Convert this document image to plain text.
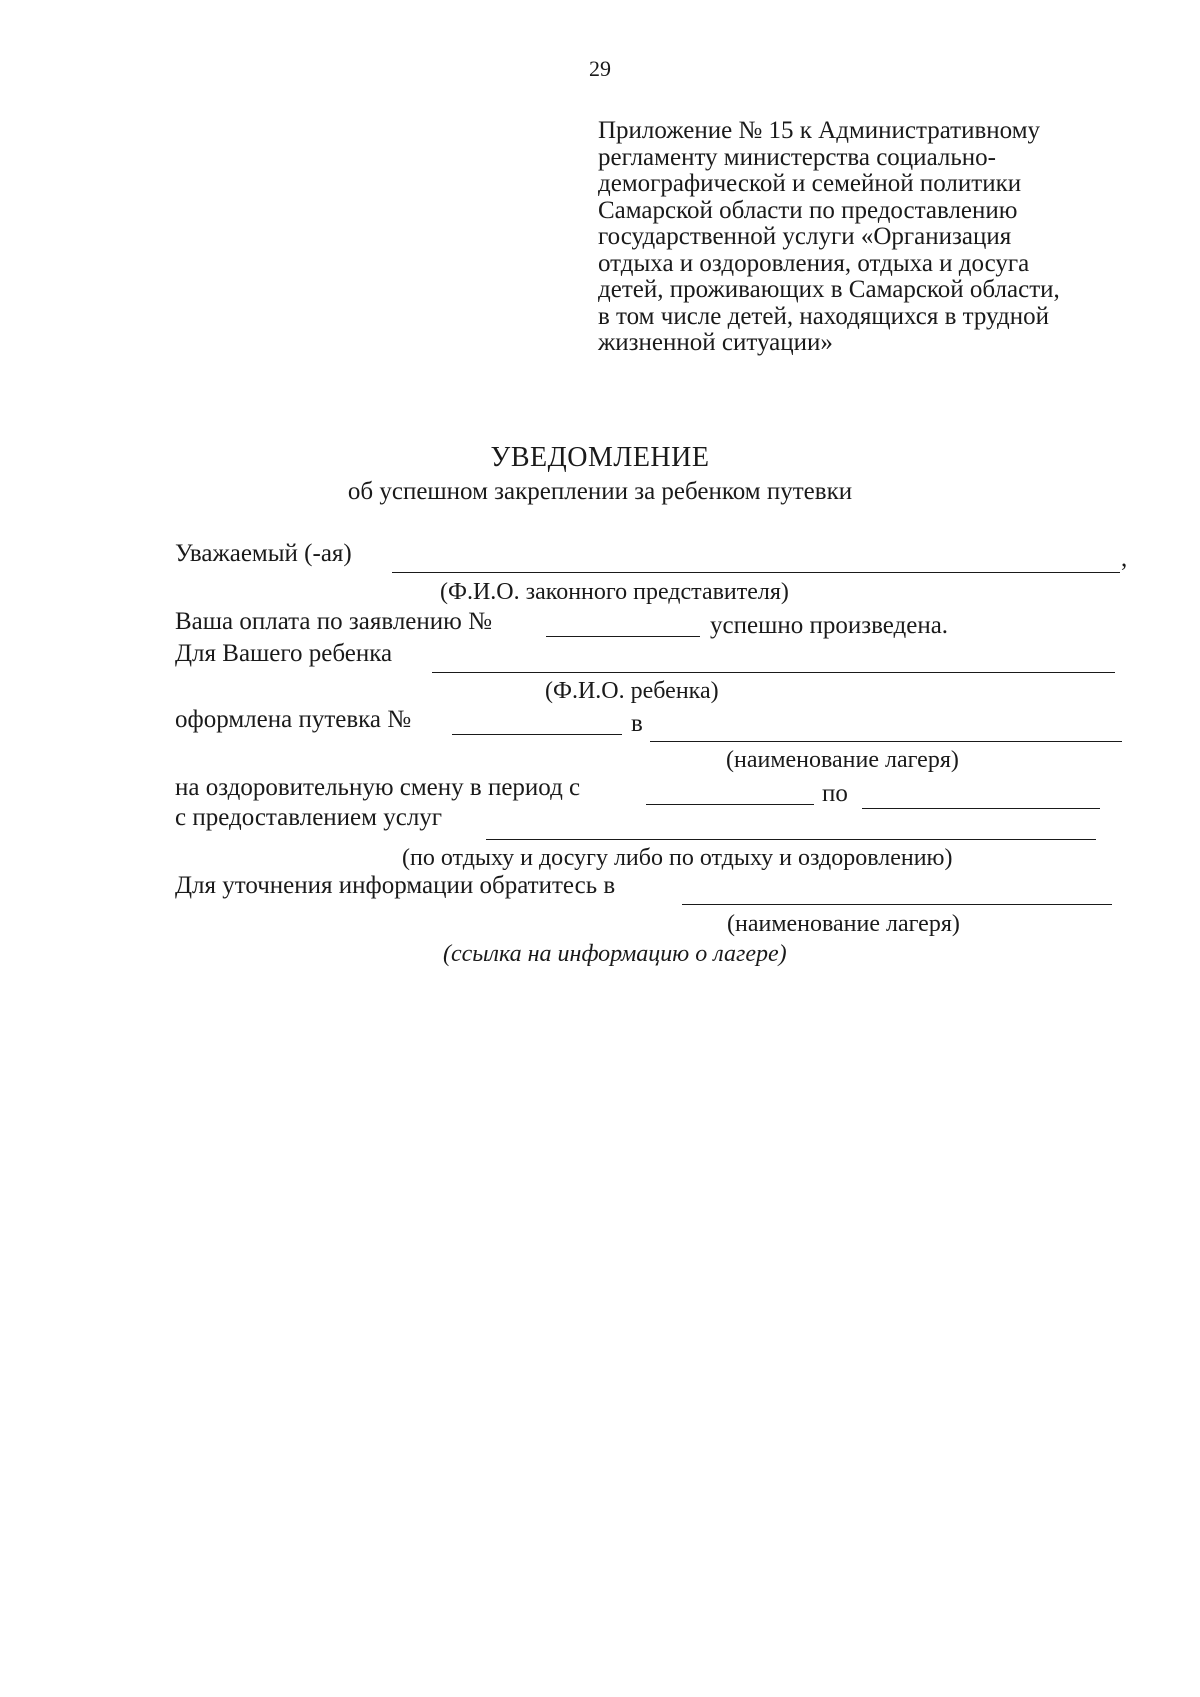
29
Приложение № 15 к Административному
регламенту министерства социально-
демографической и семейной политики
Самарской области по предоставлению
государственной услуги «Организация
отдыха и оздоровления, отдыха и досуга
детей, проживающих в Самарской области,
в том числе детей, находящихся в трудной
жизненной ситуации»
УВЕДОМЛЕНИЕ
об успешном закреплении за ребенком путевки
Уважаемый (-ая)	,
(Ф.И.О. законного представителя)
Ваша оплата по заявлению №	успешно произведена.
Для Вашего ребенка
(Ф.И.О. ребенка)
оформлена путевка №	в
(наименование лагеря)
на оздоровительную смену в период с	по
с предоставлением услуг
(по отдыху и досугу либо по отдыху и оздоровлению)
Для уточнения информации обратитесь в
(наименование лагеря)
(ссылка на информацию о лагере)
